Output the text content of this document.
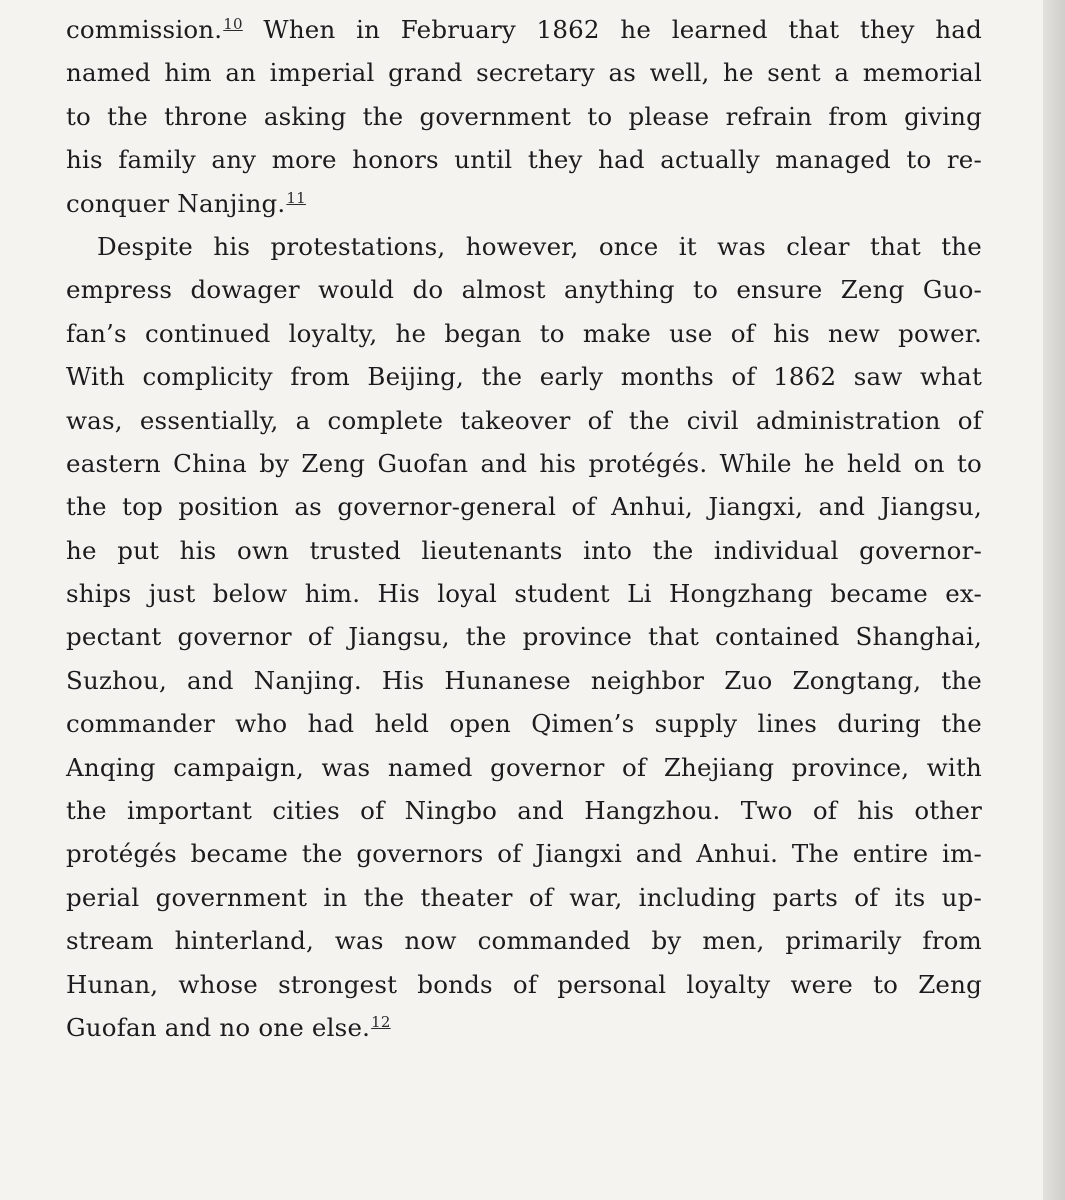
commission.$^{10}$ When in February 1862 he learned that they had
named him an imperial grand secretary as well, he sent a memorial
to the throne asking the government to please refrain from giving
his family any more honors until they had actually managed to re-
conquer Nanjing.$^{11}$
Despite his protestations, however, once it was clear that the
empress dowager would do almost anything to ensure Zeng Guo-
fan’s continued loyalty, he began to make use of his new power.
With complicity from Beijing, the early months of 1862 saw what
was, essentially, a complete takeover of the civil administration of
eastern China by Zeng Guofan and his protégés. While he held on to
the top position as governor-general of Anhui, Jiangxi, and Jiangsu,
he put his own trusted lieutenants into the individual governor-
ships just below him. His loyal student Li Hongzhang became ex-
pectant governor of Jiangsu, the province that contained Shanghai,
Suzhou, and Nanjing. His Hunanese neighbor Zuo Zongtang, the
commander who had held open Qimen’s supply lines during the
Anqing campaign, was named governor of Zhejiang province, with
the important cities of Ningbo and Hangzhou. Two of his other
protégés became the governors of Jiangxi and Anhui. The entire im-
perial government in the theater of war, including parts of its up-
stream hinterland, was now commanded by men, primarily from
Hunan, whose strongest bonds of personal loyalty were to Zeng
Guofan and no one else.$^{12}$
